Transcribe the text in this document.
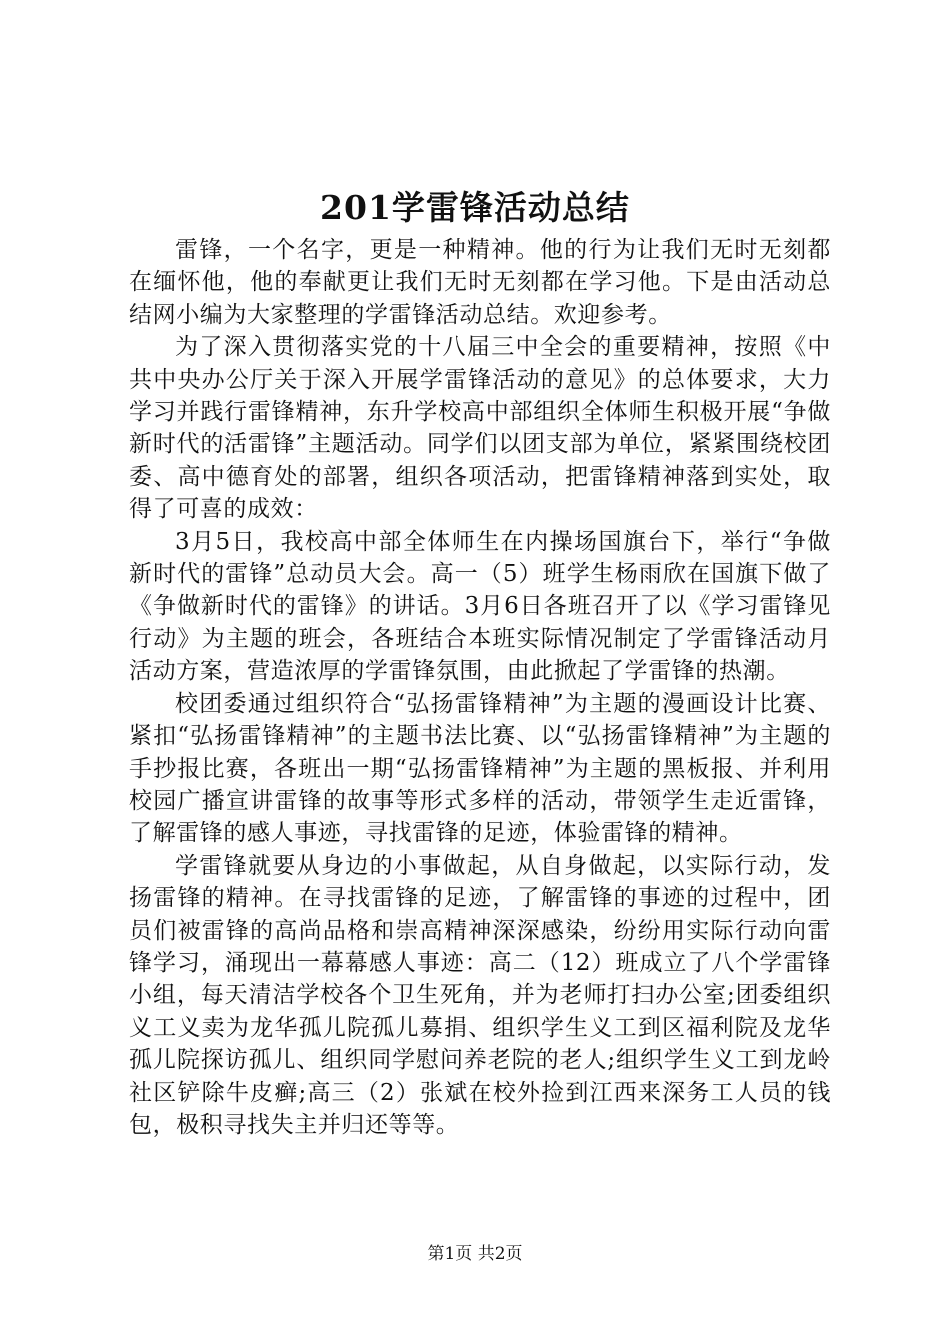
201学雷锋活动总结

雷锋，一个名字，更是一种精神。他的行为让我们无时无刻都在缅怀他，他的奉献更让我们无时无刻都在学习他。下是由活动总结网小编为大家整理的学雷锋活动总结。欢迎参考。

为了深入贯彻落实党的十八届三中全会的重要精神，按照《中共中央办公厅关于深入开展学雷锋活动的意见》的总体要求，大力学习并践行雷锋精神，东升学校高中部组织全体师生积极开展“争做新时代的活雷锋”主题活动。同学们以团支部为单位，紧紧围绕校团委、高中德育处的部署，组织各项活动，把雷锋精神落到实处，取得了可喜的成效：

3月5日，我校高中部全体师生在内操场国旗台下，举行“争做新时代的雷锋”总动员大会。高一（5）班学生杨雨欣在国旗下做了《争做新时代的雷锋》的讲话。3月6日各班召开了以《学习雷锋见行动》为主题的班会，各班结合本班实际情况制定了学雷锋活动月活动方案，营造浓厚的学雷锋氛围，由此掀起了学雷锋的热潮。

校团委通过组织符合“弘扬雷锋精神”为主题的漫画设计比赛、紧扣“弘扬雷锋精神”的主题书法比赛、以“弘扬雷锋精神”为主题的手抄报比赛，各班出一期“弘扬雷锋精神”为主题的黑板报、并利用校园广播宣讲雷锋的故事等形式多样的活动，带领学生走近雷锋，了解雷锋的感人事迹，寻找雷锋的足迹，体验雷锋的精神。

学雷锋就要从身边的小事做起，从自身做起，以实际行动，发扬雷锋的精神。在寻找雷锋的足迹，了解雷锋的事迹的过程中，团员们被雷锋的高尚品格和崇高精神深深感染，纷纷用实际行动向雷锋学习，涌现出一幕幕感人事迹：高二（12）班成立了八个学雷锋小组，每天清洁学校各个卫生死角，并为老师打扫办公室;团委组织义工义卖为龙华孤儿院孤儿募捐、组织学生义工到区福利院及龙华孤儿院探访孤儿、组织同学慰问养老院的老人;组织学生义工到龙岭社区铲除牛皮癣;高三（2）张斌在校外捡到江西来深务工人员的钱包，极积寻找失主并归还等等。

第1页 共2页
